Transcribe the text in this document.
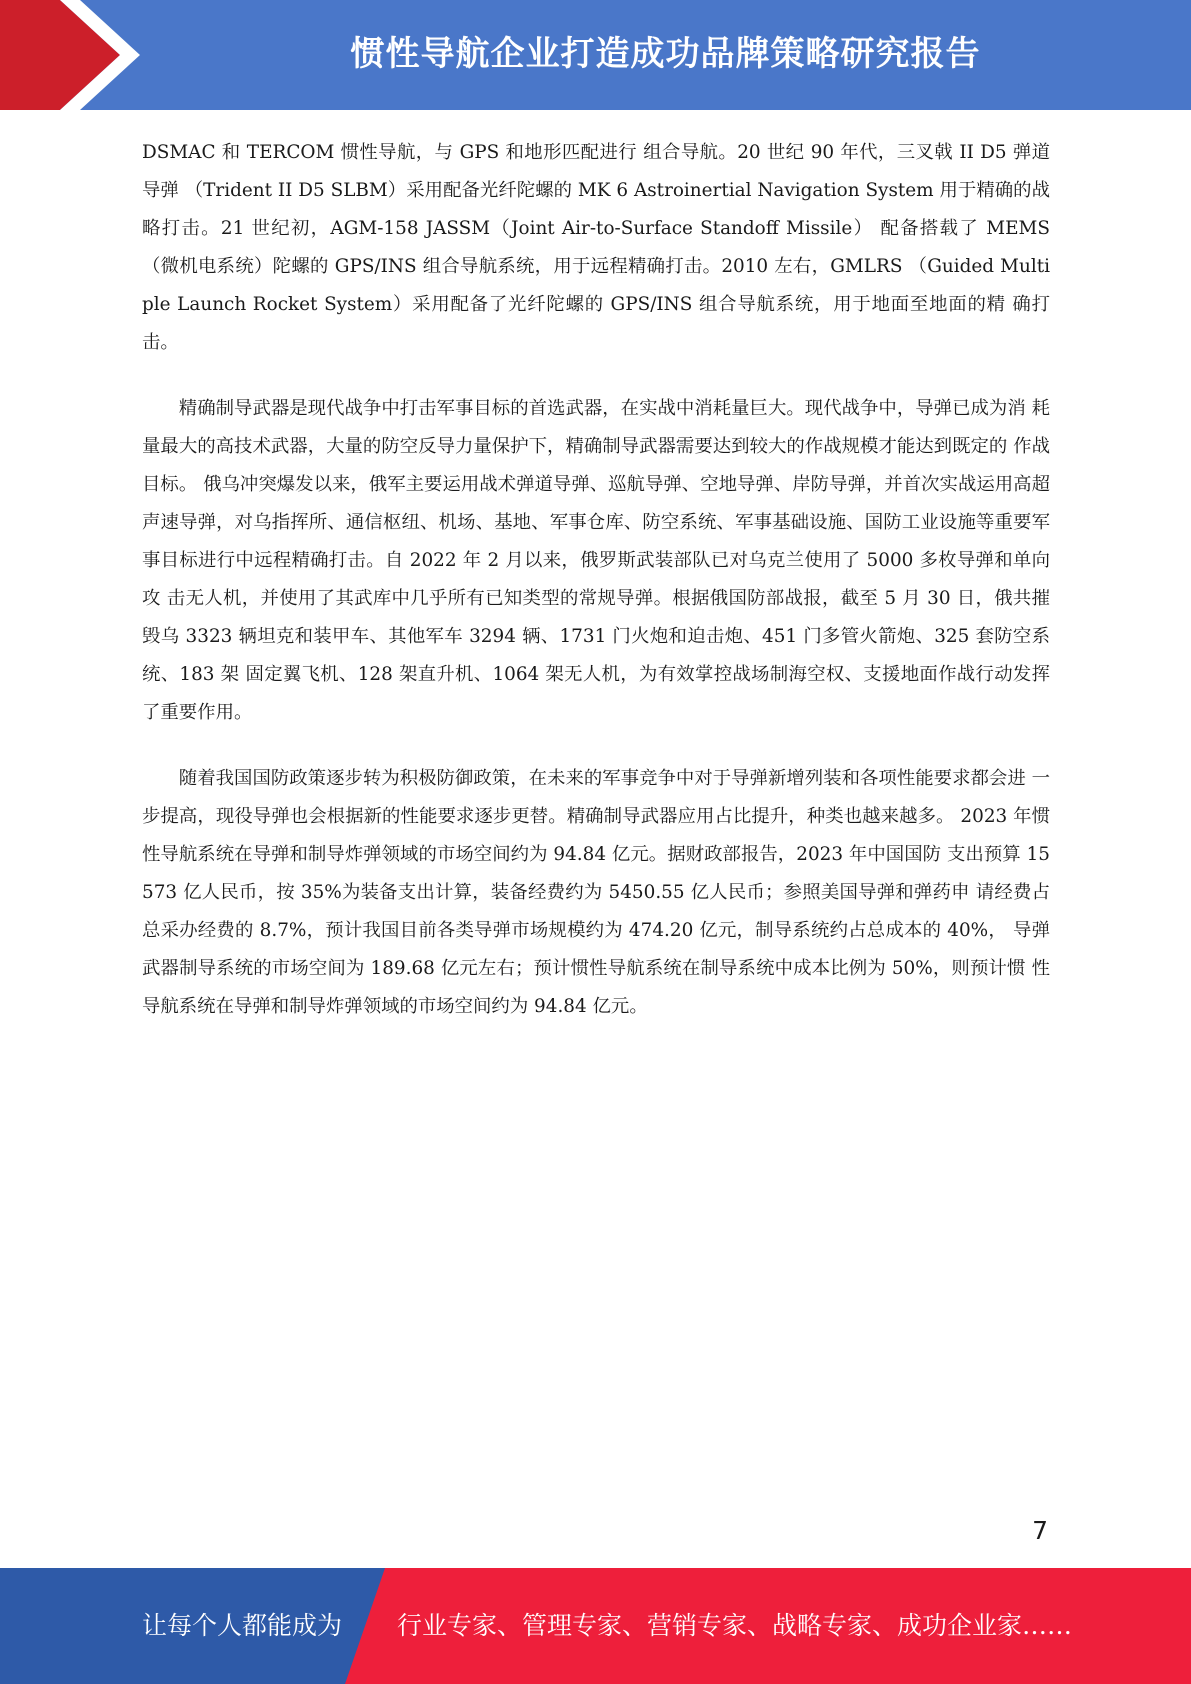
惯性导航企业打造成功品牌策略研究报告

DSMAC 和 TERCOM 惯性导航，与 GPS 和地形匹配进行 组合导航。20 世纪 90 年代，三叉戟 II D5 弹道导弹 （Trident II D5 SLBM）采用配备光纤陀螺的 MK 6 Astroinertial Navigation System 用于精确的战略打击。21 世纪初，AGM-158 JASSM（Joint Air-to-Surface Standoff Missile） 配备搭载了 MEMS（微机电系统）陀螺的 GPS/INS 组合导航系统，用于远程精确打击。2010 左右，GMLRS （Guided Multiple Launch Rocket System）采用配备了光纤陀螺的 GPS/INS 组合导航系统，用于地面至地面的精 确打击。

精确制导武器是现代战争中打击军事目标的首选武器，在实战中消耗量巨大。现代战争中，导弹已成为消 耗量最大的高技术武器，大量的防空反导力量保护下，精确制导武器需要达到较大的作战规模才能达到既定的 作战目标。 俄乌冲突爆发以来，俄军主要运用战术弹道导弹、巡航导弹、空地导弹、岸防导弹，并首次实战运用高超 声速导弹，对乌指挥所、通信枢纽、机场、基地、军事仓库、防空系统、军事基础设施、国防工业设施等重要军 事目标进行中远程精确打击。自 2022 年 2 月以来，俄罗斯武装部队已对乌克兰使用了 5000 多枚导弹和单向攻 击无人机，并使用了其武库中几乎所有已知类型的常规导弹。根据俄国防部战报，截至 5 月 30 日，俄共摧毁乌 3323 辆坦克和装甲车、其他军车 3294 辆、1731 门火炮和迫击炮、451 门多管火箭炮、325 套防空系统、183 架 固定翼飞机、128 架直升机、1064 架无人机，为有效掌控战场制海空权、支援地面作战行动发挥了重要作用。

随着我国国防政策逐步转为积极防御政策，在未来的军事竞争中对于导弹新增列装和各项性能要求都会进 一步提高，现役导弹也会根据新的性能要求逐步更替。精确制导武器应用占比提升，种类也越来越多。 2023 年惯性导航系统在导弹和制导炸弹领域的市场空间约为 94.84 亿元。据财政部报告，2023 年中国国防 支出预算 15573 亿人民币，按 35%为装备支出计算，装备经费约为 5450.55 亿人民币；参照美国导弹和弹药申 请经费占总采办经费的 8.7%，预计我国目前各类导弹市场规模约为 474.20 亿元，制导系统约占总成本的 40%， 导弹武器制导系统的市场空间为 189.68 亿元左右；预计惯性导航系统在制导系统中成本比例为 50%，则预计惯 性导航系统在导弹和制导炸弹领域的市场空间约为 94.84 亿元。

7
让每个人都能成为 行业专家、管理专家、营销专家、战略专家、成功企业家……
